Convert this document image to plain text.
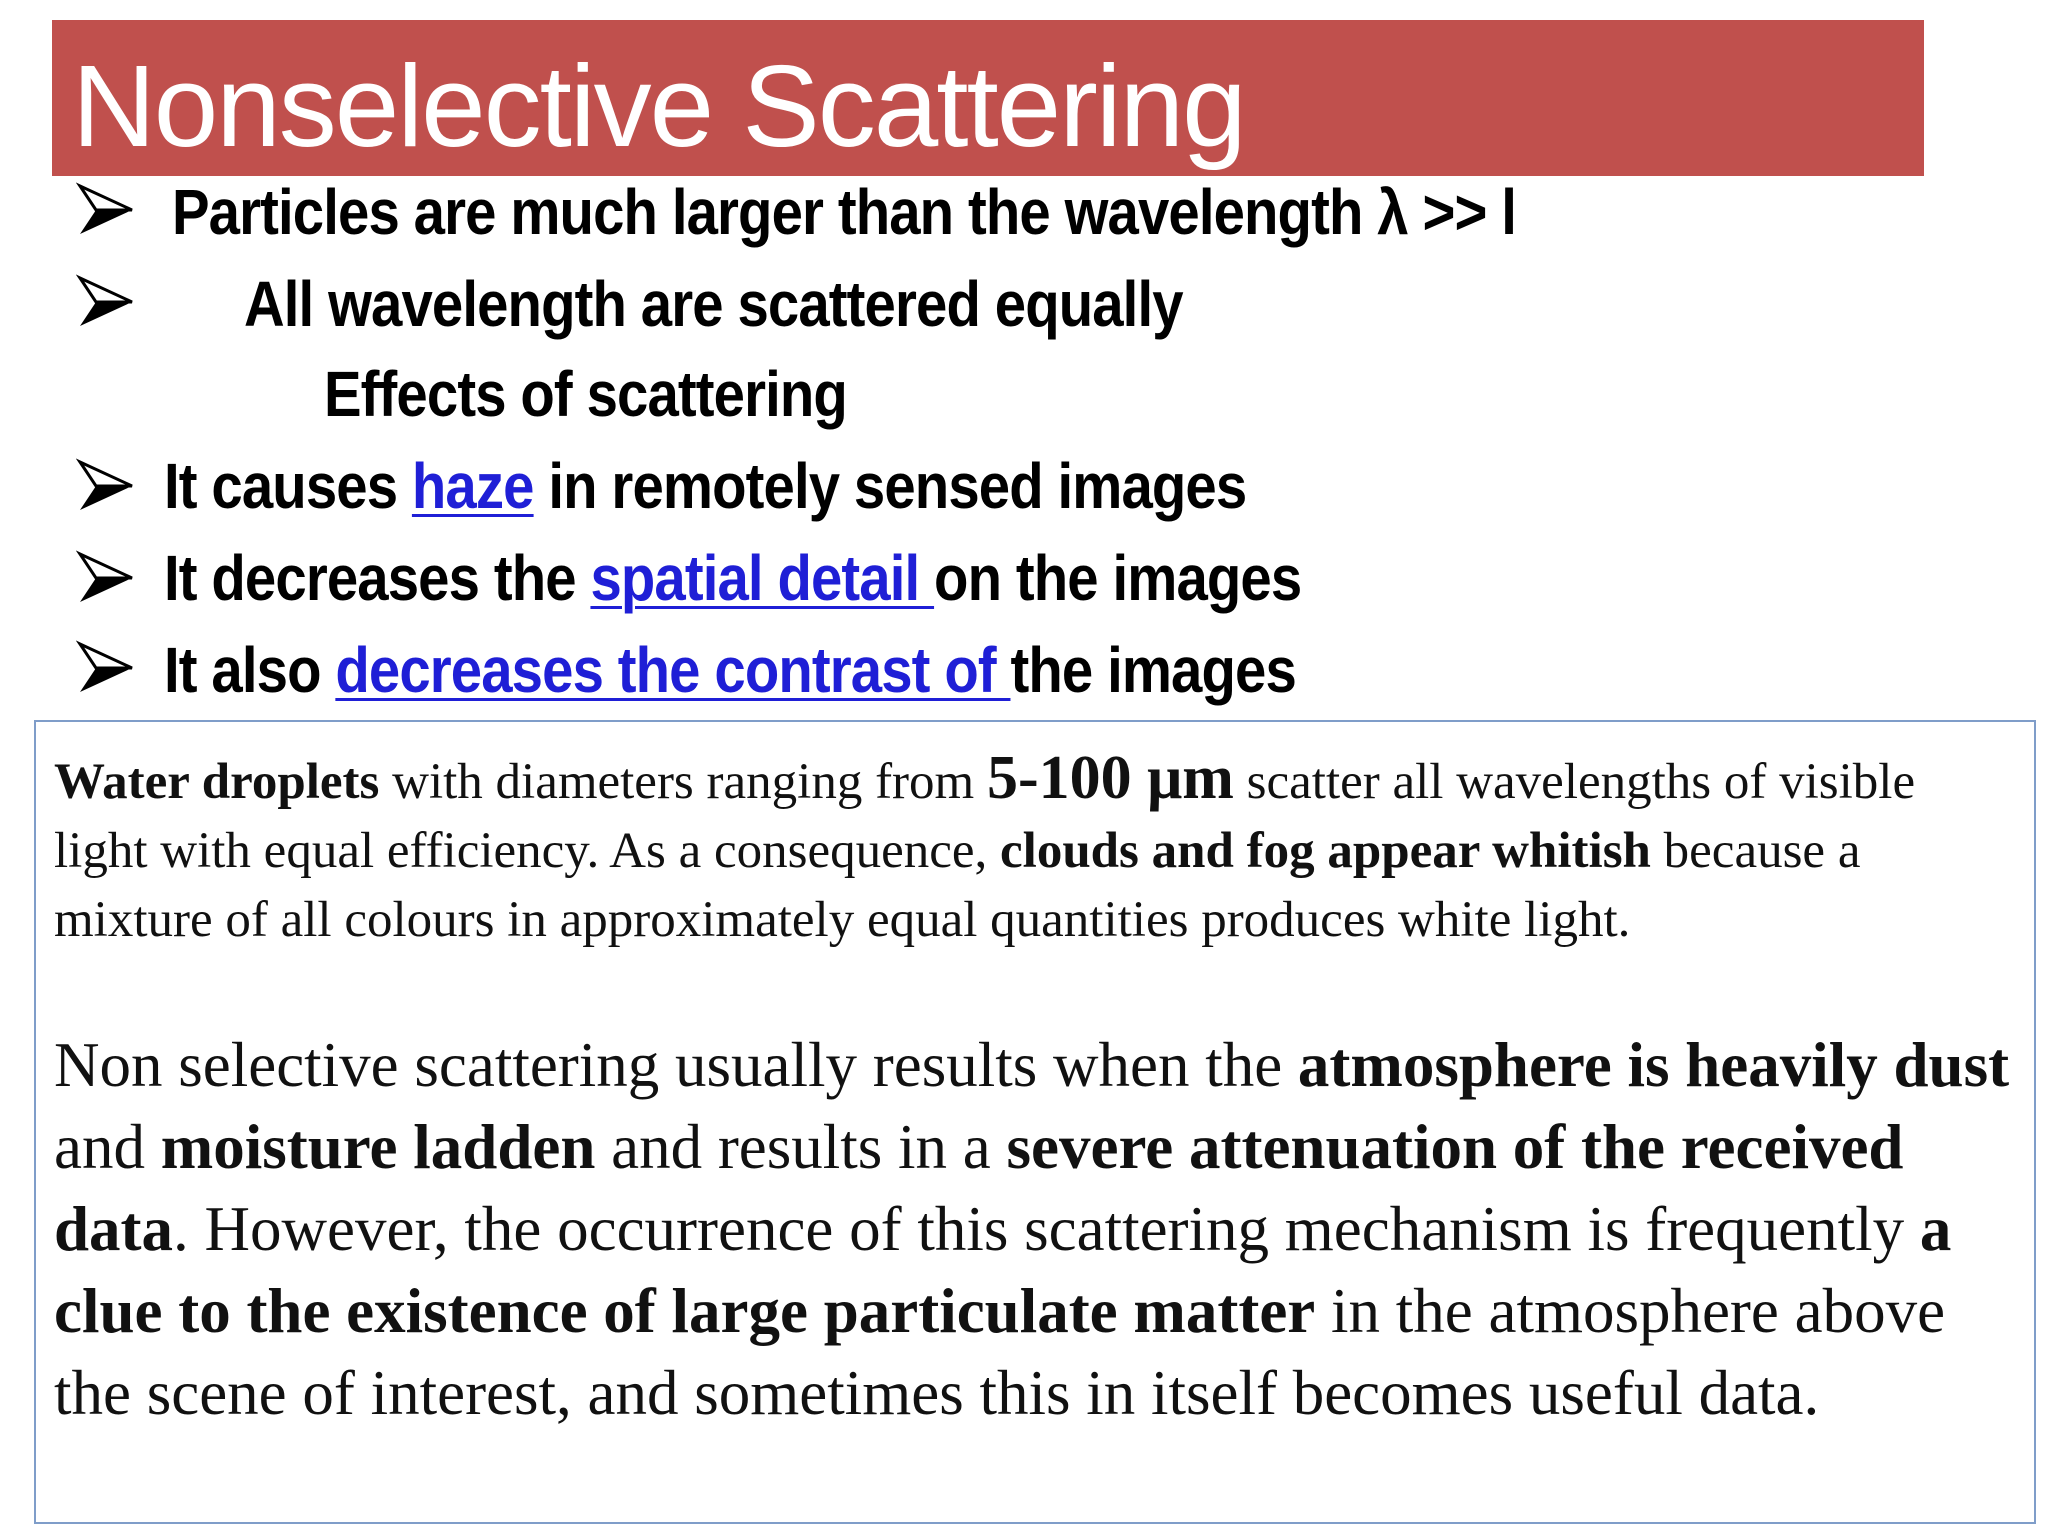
Nonselective Scattering
Particles are much larger than the wavelength λ >> l
All wavelength are scattered equally
Effects of scattering
It causes haze in remotely sensed images
It decreases the spatial detail on the images
It also decreases the contrast of the images
Water droplets with diameters ranging from 5-100 μm scatter all wavelengths of visible light with equal efficiency. As a consequence, clouds and fog appear whitish because a mixture of all colours in approximately equal quantities produces white light.
Non selective scattering usually results when the atmosphere is heavily dust and moisture ladden and results in a severe attenuation of the received data. However, the occurrence of this scattering mechanism is frequently a clue to the existence of large particulate matter in the atmosphere above the scene of interest, and sometimes this in itself becomes useful data.
